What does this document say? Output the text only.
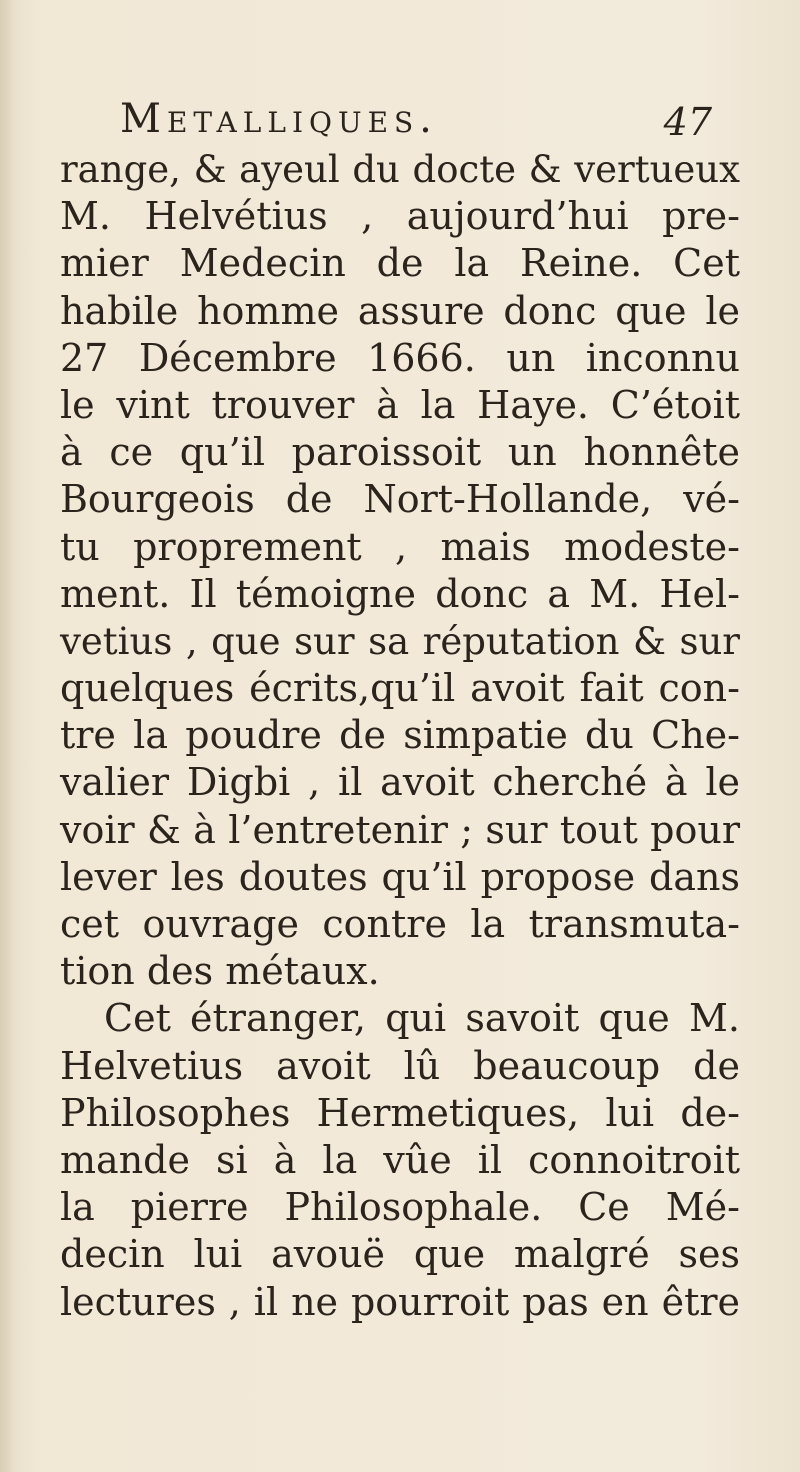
Metalliques.	47
range, & ayeul du docte & vertueux
M. Helvétius , aujourd’hui pre-
mier Medecin de la Reine. Cet
habile homme assure donc que le
27 Décembre 1666. un inconnu
le vint trouver à la Haye. C’étoit
à ce qu’il paroissoit un honnête
Bourgeois de Nort-Hollande, vé-
tu proprement , mais modeste-
ment. Il témoigne donc a M. Hel-
vetius , que sur sa réputation & sur
quelques écrits,qu’il avoit fait con-
tre la poudre de simpatie du Che-
valier Digbi , il avoit cherché à le
voir & à l’entretenir ; sur tout pour
lever les doutes qu’il propose dans
cet ouvrage contre la transmuta-
tion des métaux.
Cet étranger, qui savoit que M.
Helvetius avoit lû beaucoup de
Philosophes Hermetiques, lui de-
mande si à la vûe il connoitroit
la pierre Philosophale. Ce Mé-
decin lui avouë que malgré ses
lectures , il ne pourroit pas en être
